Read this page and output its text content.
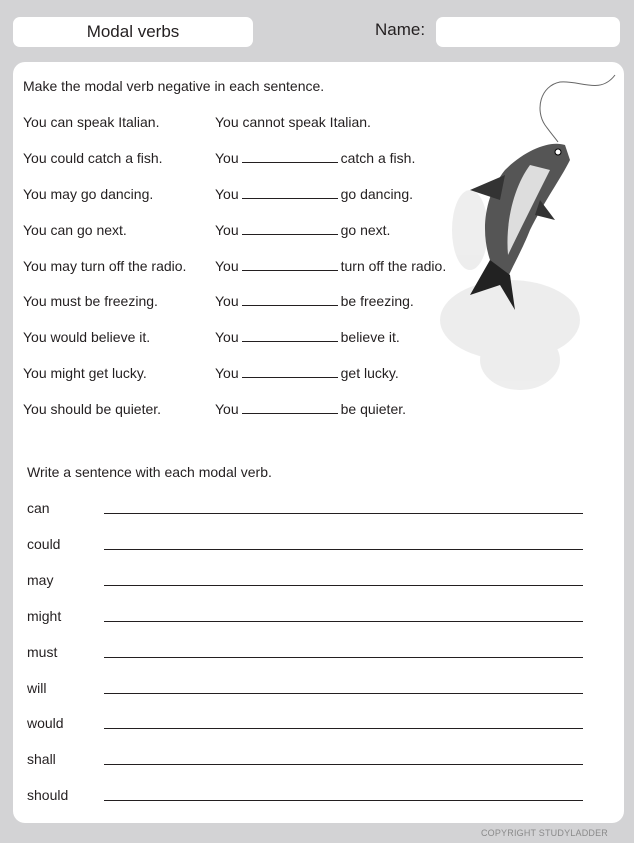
Modal verbs	Name:
Make the modal verb negative in each sentence.
You can speak Italian.	You cannot speak Italian.
You could catch a fish.	You	catch a fish.
You may go dancing.	You	go dancing.
You can go next.	You	go next.
You may turn off the radio. You	turn off the radio.
You must be freezing.	You	be freezing.
You would believe it.	You	believe it.
You might get lucky.	You	get lucky.
You should be quieter.	You	be quieter.
Write a sentence with each modal verb.
can
could
may
might
must
will
would
shall
should
COPYRIGHT STUDYLADDER
